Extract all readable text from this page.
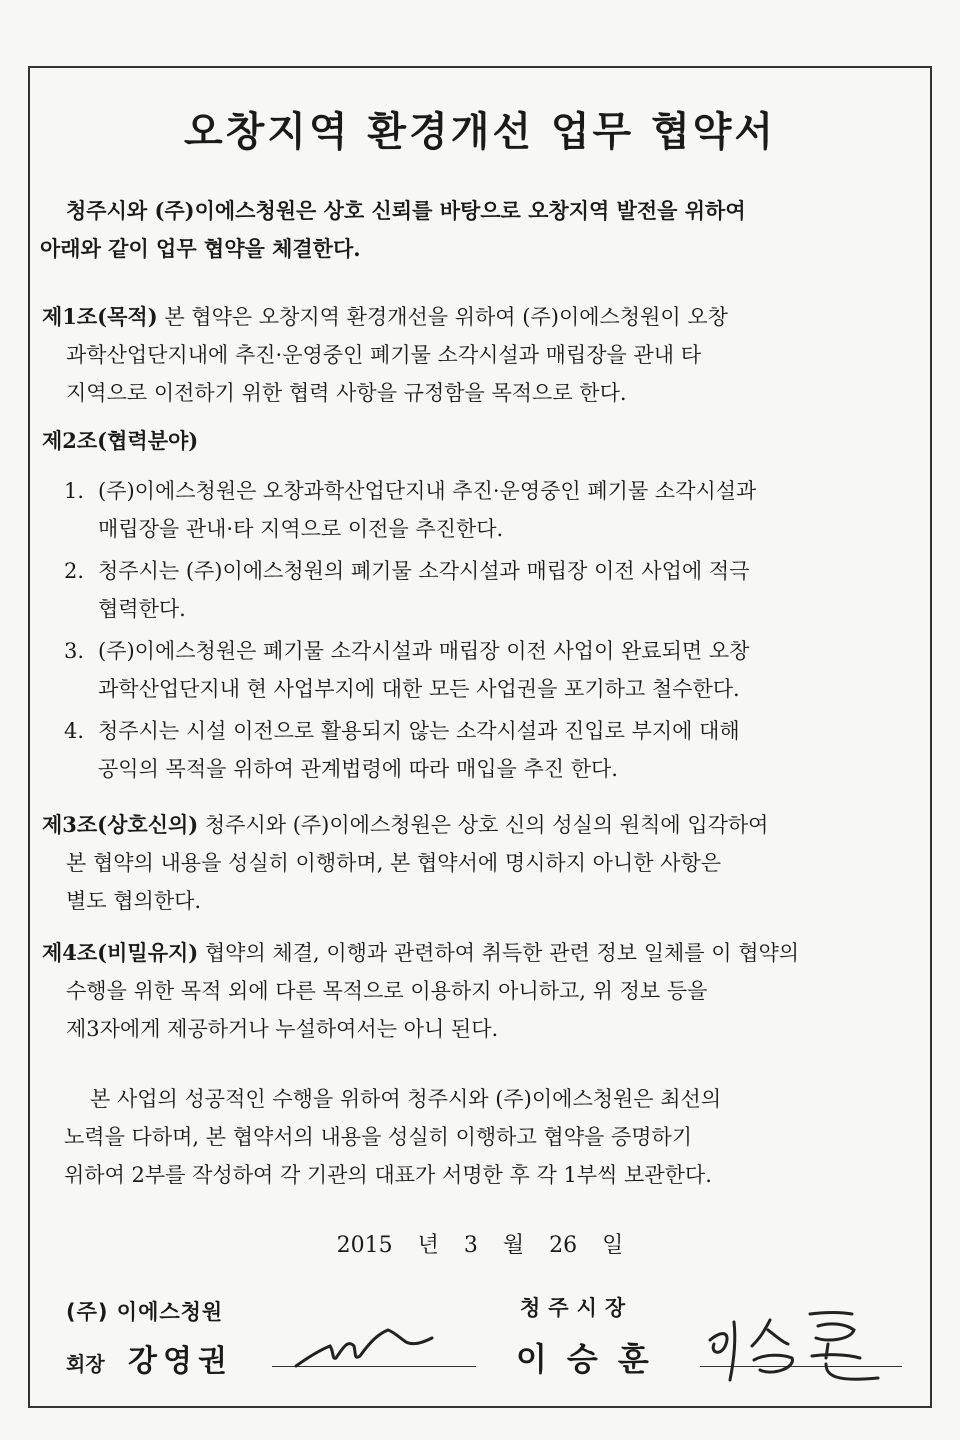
오창지역 환경개선 업무 협약서
청주시와 (주)이에스청원은 상호 신뢰를 바탕으로 오창지역 발전을 위하여
아래와 같이 업무 협약을 체결한다.
제1조(목적) 본 협약은 오창지역 환경개선을 위하여 (주)이에스청원이 오창
과학산업단지내에 추진·운영중인 폐기물 소각시설과 매립장을 관내 타
지역으로 이전하기 위한 협력 사항을 규정함을 목적으로 한다.
제2조(협력분야)
1. (주)이에스청원은 오창과학산업단지내 추진·운영중인 폐기물 소각시설과
매립장을 관내·타 지역으로 이전을 추진한다.
2. 청주시는 (주)이에스청원의 폐기물 소각시설과 매립장 이전 사업에 적극
협력한다.
3. (주)이에스청원은 폐기물 소각시설과 매립장 이전 사업이 완료되면 오창
과학산업단지내 현 사업부지에 대한 모든 사업권을 포기하고 철수한다.
4. 청주시는 시설 이전으로 활용되지 않는 소각시설과 진입로 부지에 대해
공익의 목적을 위하여 관계법령에 따라 매입을 추진 한다.
제3조(상호신의) 청주시와 (주)이에스청원은 상호 신의 성실의 원칙에 입각하여
본 협약의 내용을 성실히 이행하며, 본 협약서에 명시하지 아니한 사항은
별도 협의한다.
제4조(비밀유지) 협약의 체결, 이행과 관련하여 취득한 관련 정보 일체를 이 협약의
수행을 위한 목적 외에 다른 목적으로 이용하지 아니하고, 위 정보 등을
제3자에게 제공하거나 누설하여서는 아니 된다.
본 사업의 성공적인 수행을 위하여 청주시와 (주)이에스청원은 최선의
노력을 다하며, 본 협약서의 내용을 성실히 이행하고 협약을 증명하기
위하여 2부를 작성하여 각 기관의 대표가 서명한 후 각 1부씩 보관한다.
2015 년 3 월 26 일
(주) 이에스청원
회장 강영권
청주시장
이승훈
